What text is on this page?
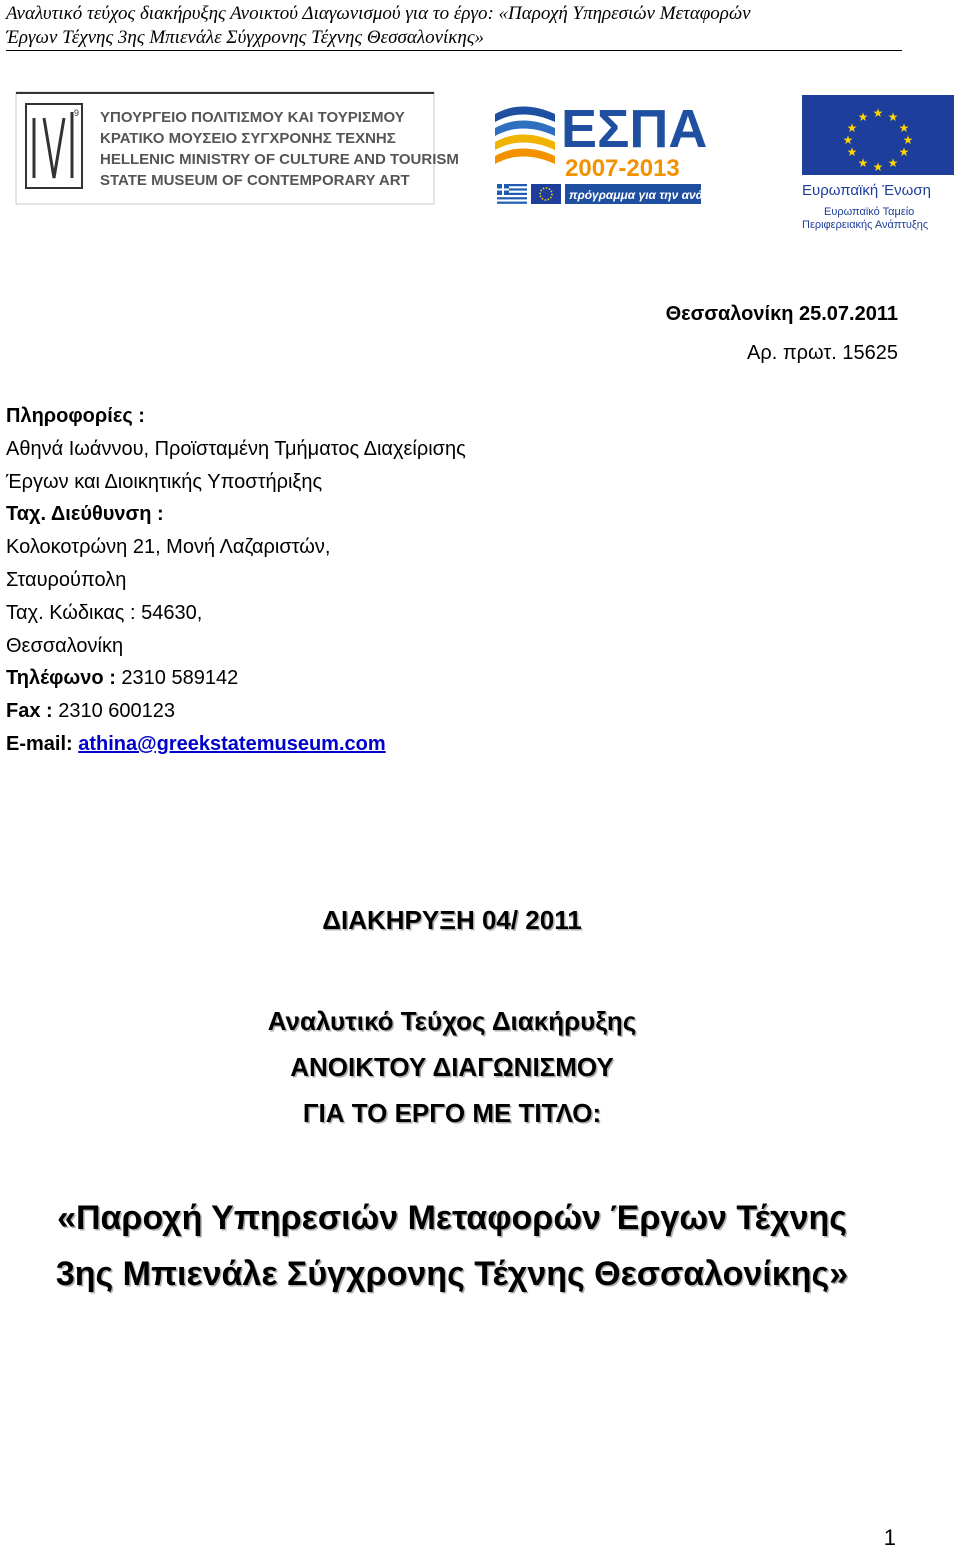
Αναλυτικό τεύχος διακήρυξης Ανοικτού Διαγωνισμού για το έργο: «Παροχή Υπηρεσιών Μεταφορών
Έργων Τέχνης 3ης Μπιενάλε Σύγχρονης Τέχνης Θεσσαλονίκης»
9 ΥΠΟΥΡΓΕΙΟ ΠΟΛΙΤΙΣΜΟΥ ΚΑΙ ΤΟΥΡΙΣΜΟΥ
ΚΡΑΤΙΚΟ ΜΟΥΣΕΙΟ ΣΥΓΧΡΟΝΗΣ ΤΕΧΝΗΣ
HELLENIC MINISTRY OF CULTURE AND TOURISM
STATE MUSEUM OF CONTEMPORARY ART
ΕΣΠΑ
2007-2013
πρόγραμμα για την ανάπτυξη
★ ★
★
★
★
★
★
★
★
★
★
★
Ευρωπαϊκή Ένωση
Ευρωπαϊκό Ταμείο
Περιφερειακής Ανάπτυξης
Θεσσαλονίκη 25.07.2011
Αρ. πρωτ. 15625
Πληροφορίες :
Αθηνά Ιωάννου, Προϊσταμένη Τμήματος Διαχείρισης
Έργων και Διοικητικής Υποστήριξης
Ταχ. Διεύθυνση :
Κολοκοτρώνη 21, Μονή Λαζαριστών,
Σταυρούπολη
Ταχ. Κώδικας : 54630,
Θεσσαλονίκη
Τηλέφωνο : 2310 589142
Fax : 2310 600123
E-mail: athina@greekstatemuseum.com
ΔΙΑΚΗΡΥΞΗ 04/ 2011
Αναλυτικό Τεύχος Διακήρυξης
ΑΝΟΙΚΤΟΥ ΔΙΑΓΩΝΙΣΜΟΥ
ΓΙΑ ΤΟ ΕΡΓΟ ΜΕ ΤΙΤΛΟ:
«Παροχή Υπηρεσιών Μεταφορών Έργων Τέχνης
3ης Μπιενάλε Σύγχρονης Τέχνης Θεσσαλονίκης»
1
